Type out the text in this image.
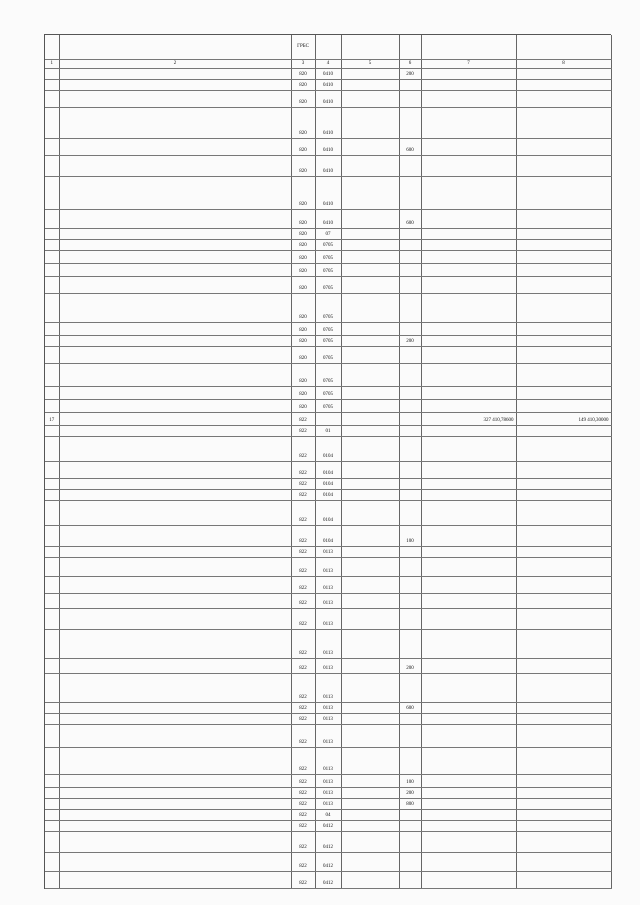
		ГРБС					
1	2	3	4	5	6	7	8
		820	0410		200		
		820	0410				
		820	0410				
		820	0410				
		820	0410		600		
		820	0410				
		820	0410				
		820	0410		600		
		820	07				
		820	0705				
		820	0705				
		820	0705				
		820	0705				
		820	0705				
		820	0705				
		820	0705		200		
		820	0705				
		820	0705				
		820	0705				
		820	0705				
17		822				327 410,78600	149 410,30000
		822	01				
		822	0104				
		822	0104				
		822	0104				
		822	0104				
		822	0104				
		822	0104		100		
		822	0113				
		822	0113				
		822	0113				
		822	0113				
		822	0113				
		822	0113				
		822	0113		200		
		822	0113				
		822	0113		600		
		822	0113				
		822	0113				
		822	0113				
		822	0113		100		
		822	0113		200		
		822	0113		800		
		822	04				
		822	0412				
		822	0412				
		822	0412				
		822	0412				
